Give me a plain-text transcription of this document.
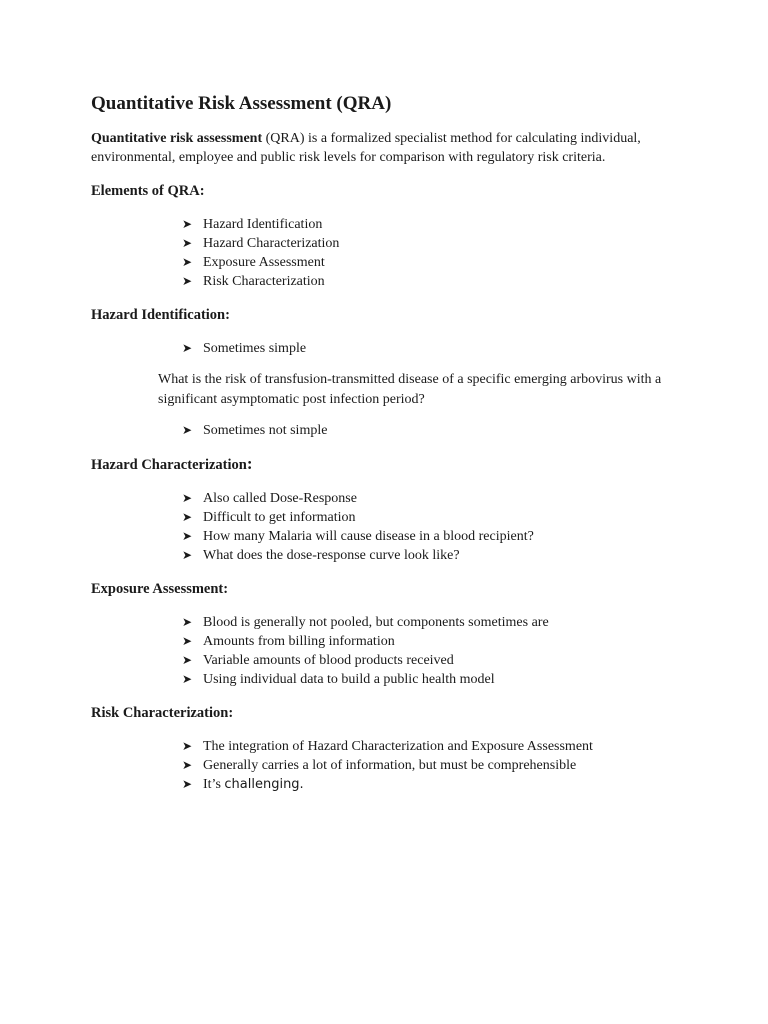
Quantitative Risk Assessment (QRA)

Quantitative risk assessment (QRA) is a formalized specialist method for calculating individual, environmental, employee and public risk levels for comparison with regulatory risk criteria.

Elements of QRA:
➤ Hazard Identification
➤ Hazard Characterization
➤ Exposure Assessment
➤ Risk Characterization
Hazard Identification:
➤ Sometimes simple

What is the risk of transfusion-transmitted disease of a specific emerging arbovirus with a significant asymptomatic post infection period?

➤ Sometimes not simple
Hazard Characterization:
➤ Also called Dose-Response
➤ Difficult to get information
➤ How many Malaria will cause disease in a blood recipient?
➤ What does the dose-response curve look like?
Exposure Assessment:
➤ Blood is generally not pooled, but components sometimes are
➤ Amounts from billing information
➤ Variable amounts of blood products received
➤ Using individual data to build a public health model
Risk Characterization:
➤ The integration of Hazard Characterization and Exposure Assessment
➤ Generally carries a lot of information, but must be comprehensible
➤ It’s challenging.
